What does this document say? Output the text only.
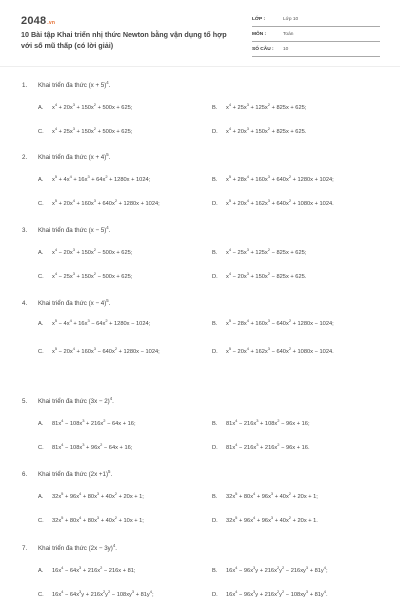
2048.vn
10 Bài tập Khai triển nhị thức Newton bằng vận dụng tổ hợp với số mũ thấp (có lời giải)
LỚP :	Lớp 10
MÔN :	Toán
SỐ CÂU : 10
1. Khai triển đa thức $(x + 5)^4$.
A. $x^4 + 20x^3 + 150x^2 + 500x + 625$;	B. $x^4 + 25x^3 + 125x^2 + 825x + 625$;
C. $x^4 + 25x^3 + 150x^2 + 500x + 625$;	D. $x^4 + 20x^3 + 150x^2 + 825x + 625$.
2. Khai triển đa thức $(x + 4)^5$.
A. $x^5 + 4x^4 + 16x^3 + 64x^2 + 1280x + 1024$;	B. $x^5 + 28x^4 + 160x^3 + 640x^2 + 1280x + 1024$;
C. $x^5 + 20x^4 + 160x^3 + 640x^2 + 1280x + 1024$;	D. $x^5 + 20x^4 + 162x^3 + 640x^2 + 1080x + 1024$.
3. Khai triển đa thức $(x - 5)^4$.
A. $x^4 - 20x^3 + 150x^2 - 500x + 625$;	B. $x^4 - 25x^3 + 125x^2 - 825x + 625$;
C. $x^4 - 25x^3 + 150x^2 - 500x + 625$;	D. $x^4 - 20x^3 + 150x^2 - 825x + 625$.
4. Khai triển đa thức $(x - 4)^5$.
A. $x^5 - 4x^4 + 16x^3 - 64x^2 + 1280x - 1024$;	B. $x^5 - 28x^4 + 160x^3 - 640x^2 + 1280x - 1024$;
C. $x^5 - 20x^4 + 160x^3 - 640x^2 + 1280x - 1024$;	D. $x^5 - 20x^4 + 162x^3 - 640x^2 + 1080x - 1024$.
5. Khai triển đa thức $(3x - 2)^4$.
A. $81x^4 - 108x^3 + 216x^2 - 64x + 16$;	B. $81x^4 - 216x^3 + 108x^2 - 96x + 16$;
C. $81x^4 - 108x^3 + 96x^2 - 64x + 16$;	D. $81x^4 - 216x^3 + 216x^2 - 96x + 16$.
6. Khai triển đa thức $(2x +1)^5$.
A. $32x^5 + 96x^4 + 80x^3 + 40x^2 + 20x + 1$;	B. $32x^5 + 80x^4 + 96x^3 + 40x^2 + 20x + 1$;
C. $32x^5 + 80x^4 + 80x^3 + 40x^2 + 10x + 1$;	D. $32x^5 + 96x^4 + 96x^3 + 40x^2 + 20x + 1$.
7. Khai triển đa thức $(2x - 3y)^4$.
A. $16x^4 - 64x^3 + 216x^2 - 216x + 81$;	B. $16x^4 - 96x^3y + 216x^2y^2 - 216xy^3 + 81y^4$;
C. $16x^4 - 64x^3y + 216x^2y^2 - 108xy^3 + 81y^4$;	D. $16x^4 - 96x^3y + 216x^2y^2 - 108xy^3 + 81y^4$.
